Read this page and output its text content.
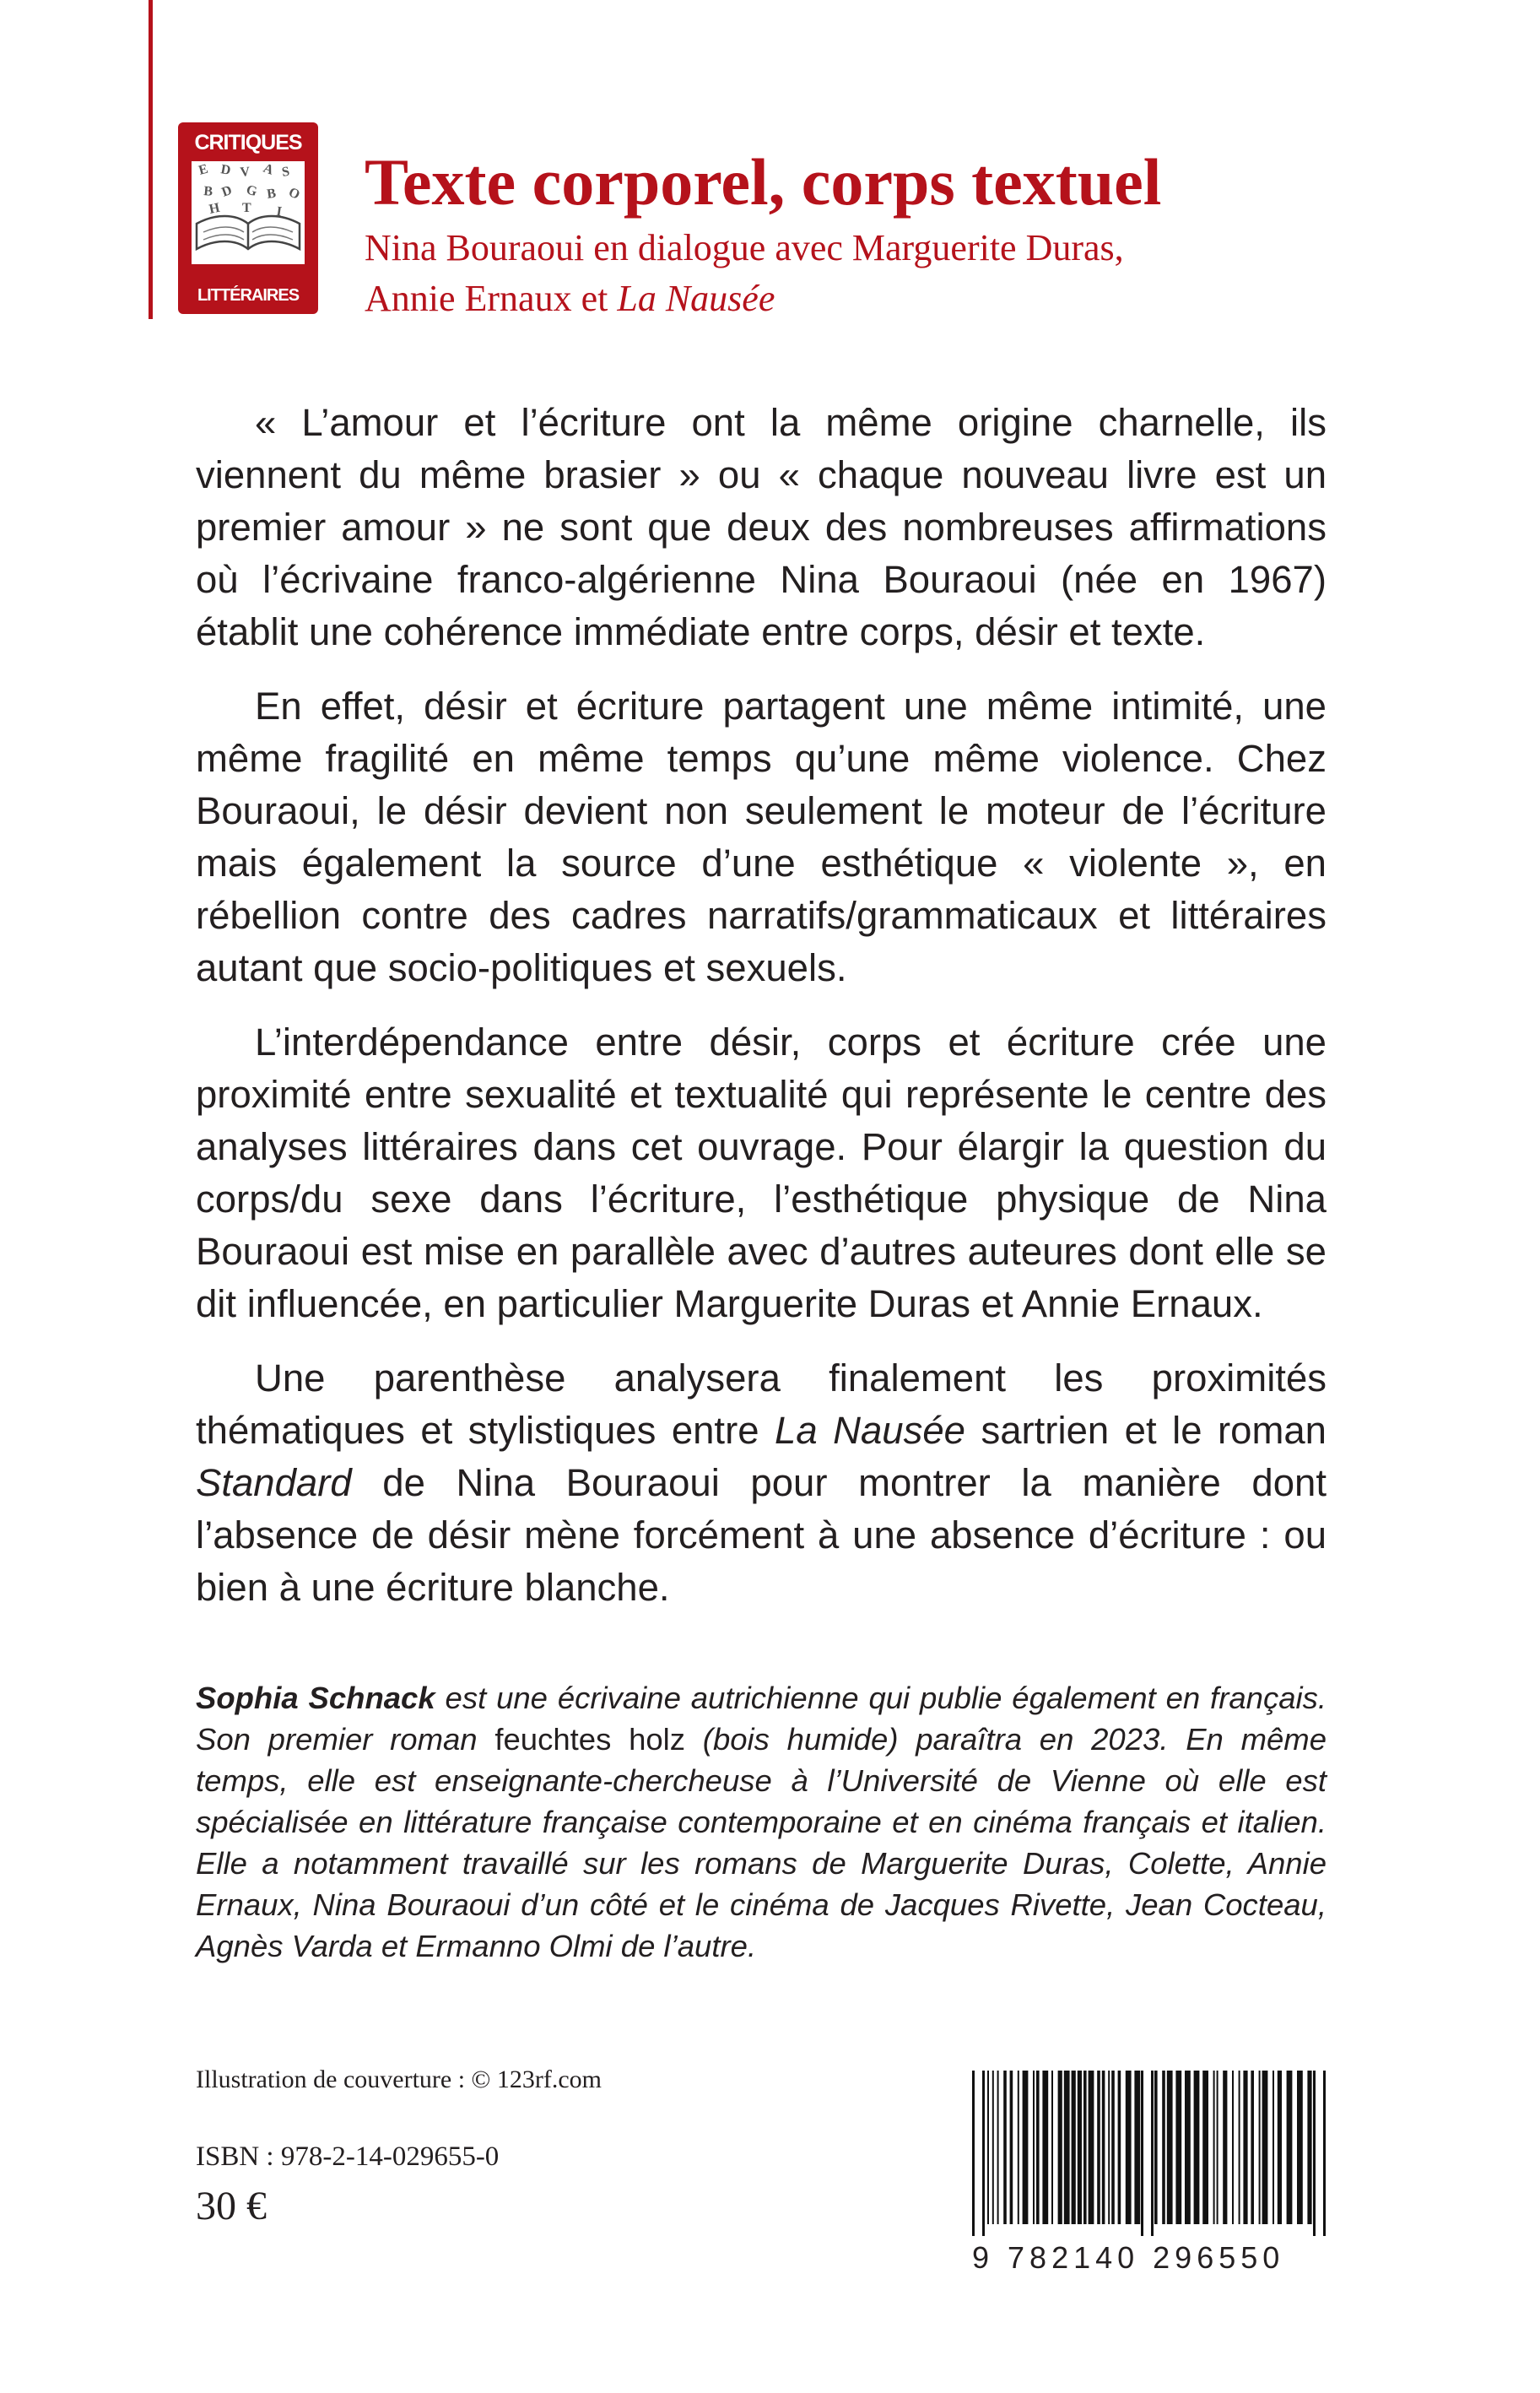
CRITIQUES
E D V A S
B D G B O
H	I
T
LITTÉRAIRES
Texte corporel, corps textuel
Nina Bouraoui en dialogue avec Marguerite Duras,
Annie Ernaux et La Nausée

« L’amour et l’écriture ont la même origine charnelle, ils viennent du même brasier » ou « chaque nouveau livre est un premier amour » ne sont que deux des nombreuses affirmations où l’écrivaine franco-algérienne Nina Bouraoui (née en 1967) établit une cohérence immédiate entre corps, désir et texte.

En effet, désir et écriture partagent une même intimité, une même fragilité en même temps qu’une même violence. Chez Bouraoui, le désir devient non seulement le moteur de l’écriture mais également la source d’une esthétique « violente », en rébellion contre des cadres narratifs/grammaticaux et littéraires autant que socio-politiques et sexuels.

L’interdépendance entre désir, corps et écriture crée une proximité entre sexualité et textualité qui représente le centre des analyses littéraires dans cet ouvrage. Pour élargir la question du corps/du sexe dans l’écriture, l’esthétique physique de Nina Bouraoui est mise en parallèle avec d’autres auteures dont elle se dit influencée, en particulier Marguerite Duras et Annie Ernaux.

Une parenthèse analysera finalement les proximités thématiques et stylistiques entre La Nausée sartrien et le roman Standard de Nina Bouraoui pour montrer la manière dont l’absence de désir mène forcément à une absence d’écriture : ou bien à une écriture blanche.

Sophia Schnack est une écrivaine autrichienne qui publie également en français. Son premier roman feuchtes holz (bois humide) paraîtra en 2023. En même temps, elle est enseignante-chercheuse à l’Université de Vienne où elle est spécialisée en littérature française contemporaine et en cinéma français et italien. Elle a notamment travaillé sur les romans de Marguerite Duras, Colette, Annie Ernaux, Nina Bouraoui d’un côté et le cinéma de Jacques Rivette, Jean Cocteau, Agnès Varda et Ermanno Olmi de l’autre.
Illustration de couverture : © 123rf.com
ISBN : 978-2-14-029655-0
30 €
9 782140 296550
